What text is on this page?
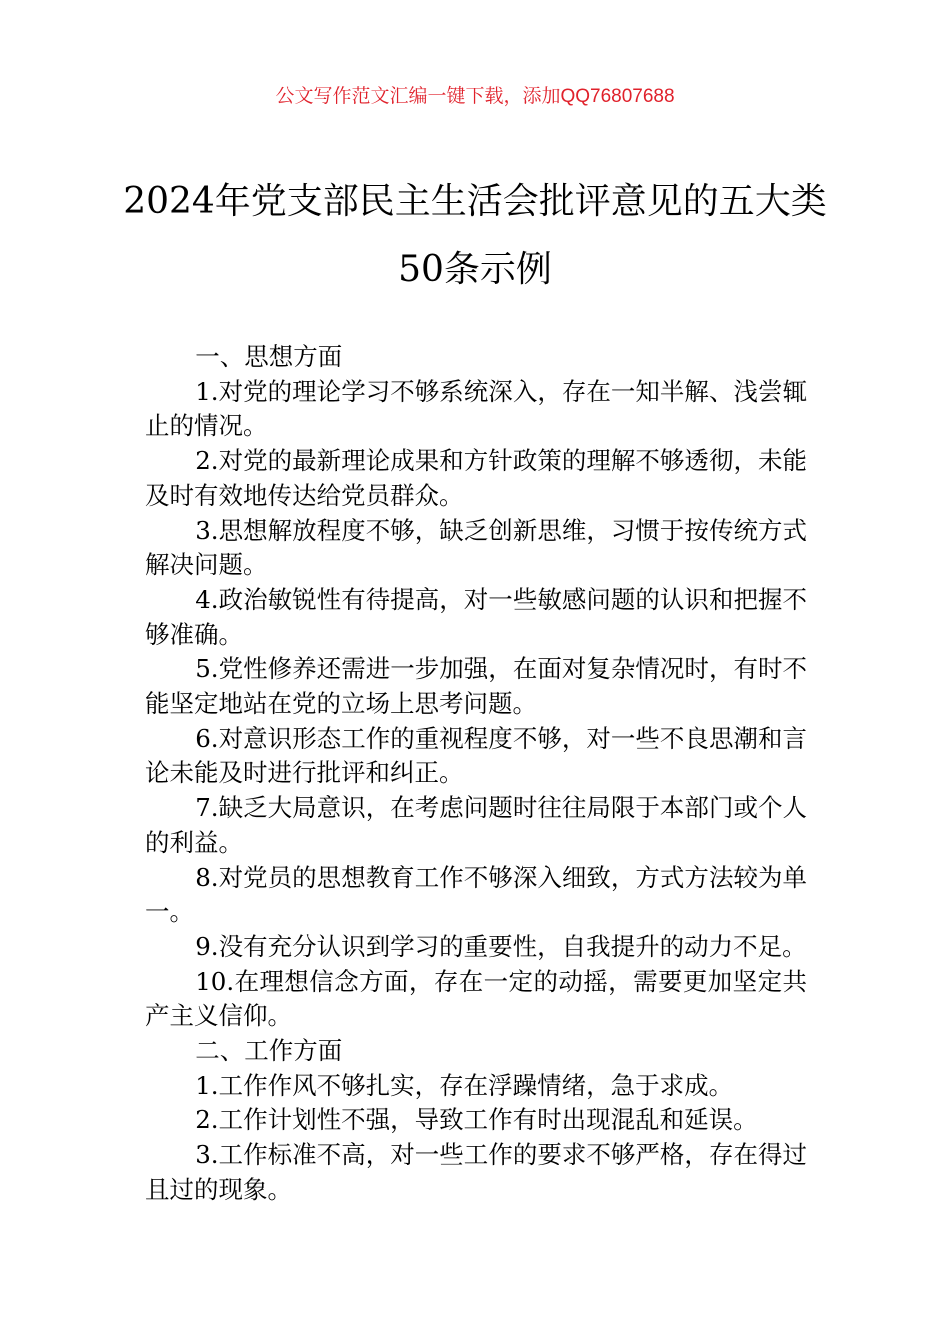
公文写作范文汇编一键下载，添加QQ76807688
2024年党支部民主生活会批评意见的五大类50条示例

一、思想方面

1.对党的理论学习不够系统深入，存在一知半解、浅尝辄止的情况。

2.对党的最新理论成果和方针政策的理解不够透彻，未能及时有效地传达给党员群众。

3.思想解放程度不够，缺乏创新思维，习惯于按传统方式解决问题。

4.政治敏锐性有待提高，对一些敏感问题的认识和把握不够准确。

5.党性修养还需进一步加强，在面对复杂情况时，有时不能坚定地站在党的立场上思考问题。

6.对意识形态工作的重视程度不够，对一些不良思潮和言论未能及时进行批评和纠正。

7.缺乏大局意识，在考虑问题时往往局限于本部门或个人的利益。

8.对党员的思想教育工作不够深入细致，方式方法较为单一。

9.没有充分认识到学习的重要性，自我提升的动力不足。

10.在理想信念方面，存在一定的动摇，需要更加坚定共产主义信仰。

二、工作方面

1.工作作风不够扎实，存在浮躁情绪，急于求成。

2.工作计划性不强，导致工作有时出现混乱和延误。

3.工作标准不高，对一些工作的要求不够严格，存在得过且过的现象。
